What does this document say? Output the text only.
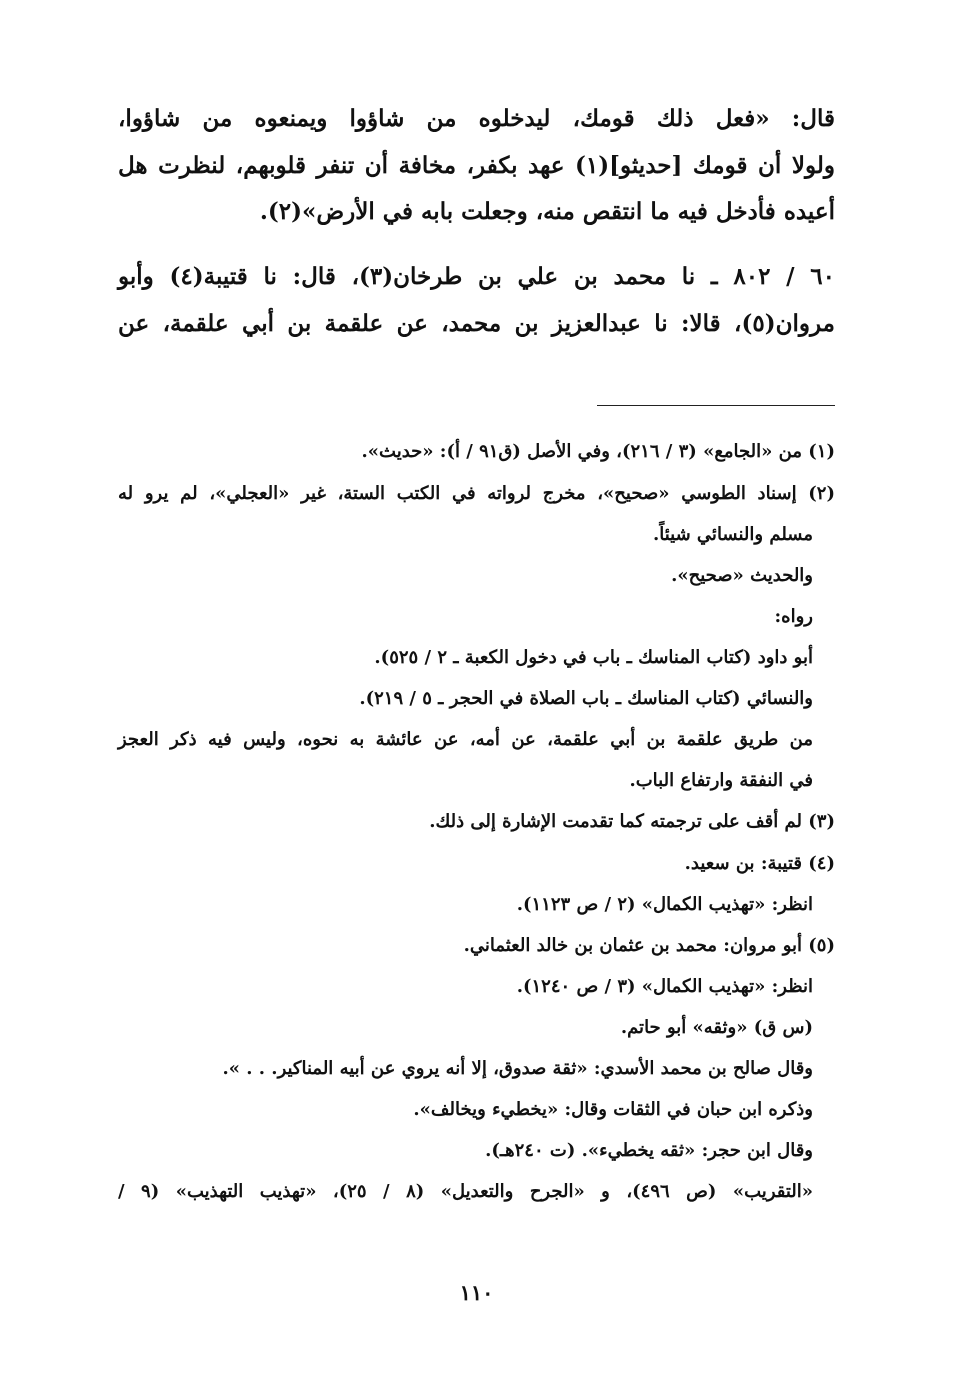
قال: «فعل ذلك قومك، ليدخلوه من شاؤوا ويمنعوه من شاؤوا،
ولولا أن قومك [حديثو](١) عهد بكفر، مخافة أن تنفر قلوبهم، لنظرت هل
أعيده فأدخل فيه ما انتقص منه، وجعلت بابه في الأرض»(٢).
٦٠ / ٨٠٢ ـ نا محمد بن علي بن طرخان(٣)، قال: نا قتيبة(٤) وأبو
مروان(٥)، قالا: نا عبدالعزيز بن محمد، عن علقمة بن أبي علقمة، عن
(١) من «الجامع» (٣ / ٢١٦)، وفي الأصل (ق٩١ / أ): «حديث».
(٢) إسناد الطوسي «صحيح»، مخرج لرواته في الكتب الستة، غير «العجلي»، لم يرو له
مسلم والنسائي شيئاً.
والحديث «صحيح».
رواه:
أبو داود (كتاب المناسك ـ باب في دخول الكعبة ـ ٢ / ٥٢٥).
والنسائي (كتاب المناسك ـ باب الصلاة في الحجر ـ ٥ / ٢١٩).
من طريق علقمة بن أبي علقمة، عن أمه، عن عائشة به نحوه، وليس فيه ذكر العجز
في النفقة وارتفاع الباب.
(٣) لم أقف على ترجمته كما تقدمت الإشارة إلى ذلك.
(٤) قتيبة: بن سعيد.
انظر: «تهذيب الكمال» (٢ / ص ١١٢٣).
(٥) أبو مروان: محمد بن عثمان بن خالد العثماني.
انظر: «تهذيب الكمال» (٣ / ص ١٢٤٠).
(س ق) «وثقه» أبو حاتم.
وقال صالح بن محمد الأسدي: «ثقة صدوق، إلا أنه يروي عن أبيه المناكير. . . ».
وذكره ابن حبان في الثقات وقال: «يخطيء ويخالف».
وقال ابن حجر: «ثقه يخطيء». (ت ٢٤٠هـ).
«التقريب» (ص ٤٩٦)، و «الجرح والتعديل» (٨ / ٢٥)، «تهذيب التهذيب» (٩ /
١١٠
